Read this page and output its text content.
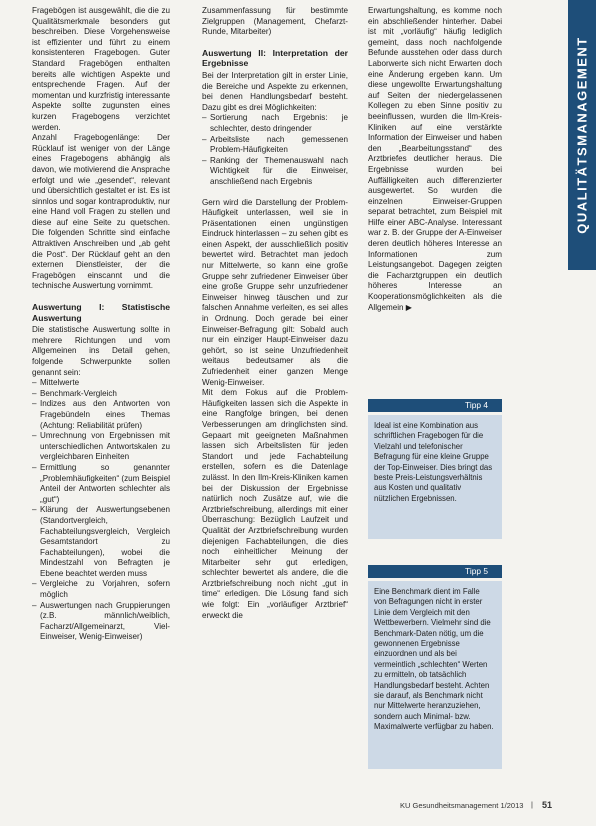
QUALITÄTSMANAGEMENT

Fragebögen ist ausgewählt, die die zu Qualitätsmerkmale besonders gut beschreiben. Diese Vorgehensweise ist effizienter und führt zu einem konsistenteren Fragebogen. Guter Standard Fragebögen enthalten bereits alle wichtigen Aspekte und entsprechende Fragen. Auf der momentan und kurzfristig interessante Aspekte sollte zugunsten eines kurzen Fragebogens verzichtet werden.

Anzahl Fragebogenlänge: Der Rücklauf ist weniger von der Länge eines Fragebogens abhängig als davon, wie motivierend die Ansprache erfolgt und wie „gesendet“, relevant und übersichtlich gestaltet er ist. Es ist sinnlos und sogar kontraproduktiv, nur eine Hand voll Fragen zu stellen und diese auf eine Seite zu quetschen. Die folgenden Schritte sind einfache Attraktiven Anschreiben und „ab geht die Post“. Der Rücklauf geht an den externen Dienstleister, der die Fragebögen einscannt und die technische Auswertung vornimmt.

Auswertung I: Statistische Auswertung

Die statistische Auswertung sollte in mehrere Richtungen und vom Allgemeinen ins Detail gehen, folgende Schwerpunkte sollen genannt sein:

– Mittelwerte
– Benchmark-Vergleich
– Indizes aus den Antworten von Fragebündeln eines Themas (Achtung: Reliabilität prüfen)
– Umrechnung von Ergebnissen mit unterschiedlichen Antwortskalen zu vergleichbaren Einheiten
– Ermittlung so genannter „Problemhäufigkeiten“ (zum Beispiel Anteil der Antworten schlechter als „gut“)
– Klärung der Auswertungsebenen (Standortvergleich, Fachabteilungsvergleich, Vergleich Gesamtstandort zu Fachabteilungen), wobei die Mindestzahl von Befragten je Ebene beachtet werden muss
– Vergleiche zu Vorjahren, sofern möglich
– Auswertungen nach Gruppierungen (z.B. männlich/weiblich, Facharzt/Allgemeinarzt, Viel-Einweiser, Wenig-Einweiser)

Zusammenfassung für bestimmte Zielgruppen (Management, Chefarzt-Runde, Mitarbeiter)

Auswertung II: Interpretation der Ergebnisse

Bei der Interpretation gilt in erster Linie, die Bereiche und Aspekte zu erkennen, bei denen Handlungsbedarf besteht. Dazu gibt es drei Möglichkeiten:

– Sortierung nach Ergebnis: je schlechter, desto dringender
– Arbeitsliste nach gemessenen Problem-Häufigkeiten
– Ranking der Themenauswahl nach Wichtigkeit für die Einweiser, anschließend nach Ergebnis

Gern wird die Darstellung der Problem-Häufigkeit unterlassen, weil sie in Präsentationen einen ungünstigen Eindruck hinterlassen – zu sehen gibt es einen Aspekt, der ausschließlich positiv bewertet wird. Betrachtet man jedoch nur Mittelwerte, so kann eine große Gruppe sehr zufriedener Einweiser über eine große Gruppe sehr unzufriedener Einweiser hinweg täuschen und zur falschen Annahme verleiten, es sei alles in Ordnung. Doch gerade bei einer Einweiser-Befragung gilt: Sobald auch nur ein einziger Haupt-Einweiser dazu gehört, so ist seine Unzufriedenheit weitaus bedeutsamer als die Zufriedenheit einer ganzen Menge Wenig-Einweiser.

Mit dem Fokus auf die Problem-Häufigkeiten lassen sich die Aspekte in eine Rangfolge bringen, bei denen Verbesserungen am dringlichsten sind. Gepaart mit geeigneten Maßnahmen lassen sich Arbeitslisten für jeden Standort und jede Fachabteilung erstellen, sofern es die Datenlage zulässt. In den Ilm-Kreis-Kliniken kamen bei der Diskussion der Ergebnisse natürlich noch Zusätze auf, wie die Arztbriefschreibung, allerdings mit einer Überraschung: Bezüglich Laufzeit und Qualität der Arztbriefschreibung wurden diejenigen Fachabteilungen, die dies noch einheitlicher Meinung der Mitarbeiter sehr gut erledigen, schlechter bewertet als andere, die die Arztbriefschreibung noch nicht „gut in time“ erledigen. Die Lösung fand sich wie folgt: Ein „vorläufiger Arztbrief“ erweckt die

Erwartungshaltung, es komme noch ein abschließender hinterher. Dabei ist mit „vorläufig“ häufig lediglich gemeint, dass noch nachfolgende Befunde ausstehen oder dass durch Laborwerte sich nicht Erwarten doch eine Änderung ergeben kann. Um diese ungewollte Erwartungshaltung auf Seiten der niedergelassenen Kollegen zu eben Sinne positiv zu beeinflussen, wurden die Ilm-Kreis-Kliniken auf eine verstärkte Information der Einweiser und haben den „Bearbeitungsstand“ des Arztbriefes deutlicher heraus. Die Ergebnisse wurden bei Auffälligkeiten auch differenzierter ausgewertet. So wurden die einzelnen Einweiser-Gruppen separat betrachtet, zum Beispiel mit Hilfe einer ABC-Analyse. Interessant war z. B. der Gruppe der A-Einweiser deren deutlich höheres Interesse an Informationen zum Leistungsangebot. Dagegen zeigten die Facharztgruppen ein deutlich höheres Interesse an Kooperationsmöglichkeiten als die Allgemein ▶

Tipp 4
Ideal ist eine Kombination aus schriftlichen Fragebogen für die Vielzahl und telefonischer Befragung für eine kleine Gruppe der Top-Einweiser. Dies bringt das beste Preis-Leistungsverhältnis aus Kosten und qualitativ nützlichen Ergebnissen.
Tipp 5
Eine Benchmark dient im Falle von Befragungen nicht in erster Linie dem Vergleich mit den Wettbewerbern. Vielmehr sind die Benchmark-Daten nötig, um die gewonnenen Ergebnisse einzuordnen und als bei vermeintlich „schlechten“ Werten zu ermitteln, ob tatsächlich Handlungsbedarf besteht. Achten sie darauf, als Benchmark nicht nur Mittelwerte heranzuziehen, sondern auch Minimal- bzw. Maximalwerte verfügbar zu haben.
KU Gesundheitsmanagement 1/2013 | 51
